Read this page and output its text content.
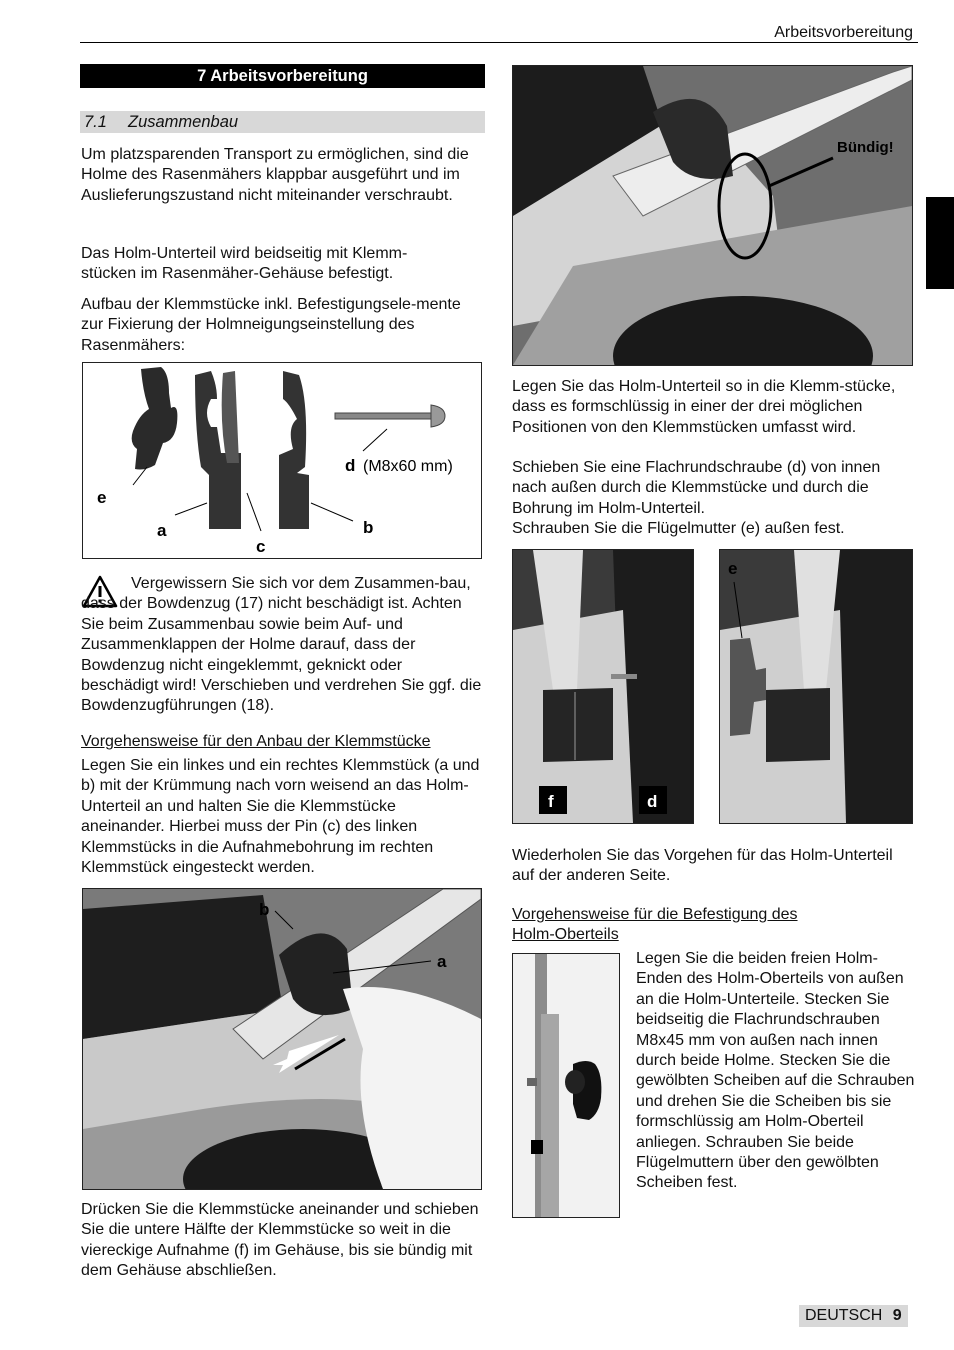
Arbeitsvorbereitung
7 Arbeitsvorbereitung
7.1 Zusammenbau

Um platzsparenden Transport zu ermöglichen, sind die Holme des Rasenmähers klappbar ausgeführt und im Auslieferungszustand nicht miteinander verschraubt.

Das Holm-Unterteil wird beidseitig mit Klemm-stücken im Rasenmäher-Gehäuse befestigt.

Aufbau der Klemmstücke inkl. Befestigungsele-mente zur Fixierung der Holmneigungseinstellung des Rasenmähers:

e
a
c
b
d (M8x60 mm)

Vergewissern Sie sich vor dem Zusammen-bau, dass der Bowdenzug (17) nicht beschädigt ist. Achten Sie beim Zusammenbau sowie beim Auf- und Zusammenklappen der Holme darauf, dass der Bowdenzug nicht eingeklemmt, geknickt oder beschädigt wird! Verschieben und verdrehen Sie ggf. die Bowdenzugführungen (18).

Vorgehensweise für den Anbau der Klemmstücke

Legen Sie ein linkes und ein rechtes Klemmstück (a und b) mit der Krümmung nach vorn weisend an das Holm-Unterteil an und halten Sie die Klemmstücke aneinander. Hierbei muss der Pin (c) des linken Klemmstücks in die Aufnahmebohrung im rechten Klemmstück eingesteckt werden.

b
a

Drücken Sie die Klemmstücke aneinander und schieben Sie die untere Hälfte der Klemmstücke so weit in die viereckige Aufnahme (f) im Gehäuse, bis sie bündig mit dem Gehäuse abschließen.

Bündig!

Legen Sie das Holm-Unterteil so in die Klemm-stücke, dass es formschlüssig in einer der drei möglichen Positionen von den Klemmstücken umfasst wird.

Schieben Sie eine Flachrundschraube (d) von innen nach außen durch die Klemmstücke und durch die Bohrung im Holm-Unterteil.

Schrauben Sie die Flügelmutter (e) außen fest.

f	d
e

Wiederholen Sie das Vorgehen für das Holm-Unterteil auf der anderen Seite.

Vorgehensweise für die Befestigung des Holm-Oberteils

Legen Sie die beiden freien Holm-Enden des Holm-Oberteils von außen an die Holm-Unterteile. Stecken Sie beidseitig die Flachrundschrauben M8x45 mm von außen nach innen durch beide Holme. Stecken Sie die gewölbten Scheiben auf die Schrauben und drehen Sie die Scheiben bis sie formschlüssig am Holm-Oberteil anliegen. Schrauben Sie beide Flügelmuttern über den gewölbten Scheiben fest.

DEUTSCH 9
